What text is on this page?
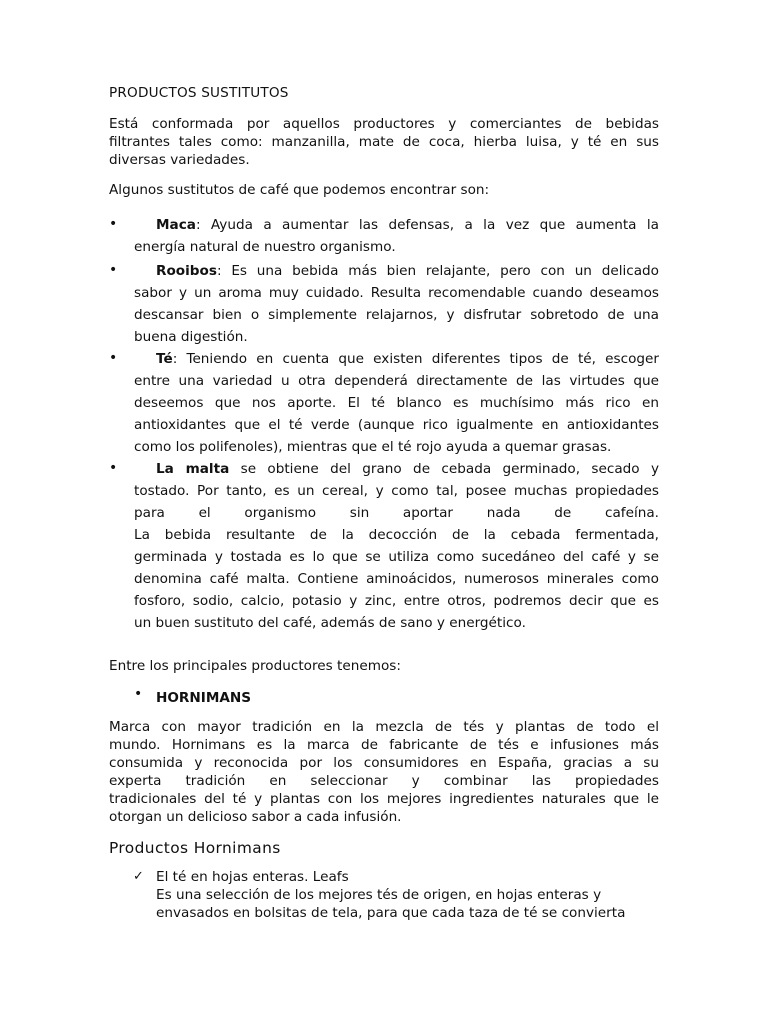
PRODUCTOS SUSTITUTOS

Está conformada por aquellos productores y comerciantes de bebidas
filtrantes tales como: manzanilla, mate de coca, hierba luisa, y té en sus
diversas variedades.

Algunos sustitutos de café que podemos encontrar son:

•	Maca: Ayuda a aumentar las defensas, a la vez que aumenta la
energía natural de nuestro organismo.
•	Rooibos: Es una bebida más bien relajante, pero con un delicado
sabor y un aroma muy cuidado. Resulta recomendable cuando deseamos
descansar bien o simplemente relajarnos, y disfrutar sobretodo de una
buena digestión.
•	Té: Teniendo en cuenta que existen diferentes tipos de té, escoger
entre una variedad u otra dependerá directamente de las virtudes que
deseemos que nos aporte. El té blanco es muchísimo más rico en
antioxidantes que el té verde (aunque rico igualmente en antioxidantes
como los polifenoles), mientras que el té rojo ayuda a quemar grasas.
•	La malta se obtiene del grano de cebada germinado, secado y
tostado. Por tanto, es un cereal, y como tal, posee muchas propiedades
para el organismo sin aportar nada de cafeína.
La bebida resultante de la decocción de la cebada fermentada,
germinada y tostada es lo que se utiliza como sucedáneo del café y se
denomina café malta. Contiene aminoácidos, numerosos minerales como
fosforo, sodio, calcio, potasio y zinc, entre otros, podremos decir que es
un buen sustituto del café, además de sano y energético.

Entre los principales productores tenemos:

• HORNIMANS
Marca con mayor tradición en la mezcla de tés y plantas de todo el
mundo. Hornimans es la marca de fabricante de tés e infusiones más
consumida y reconocida por los consumidores en España, gracias a su
experta tradición en seleccionar y combinar las propiedades
tradicionales del té y plantas con los mejores ingredientes naturales que le
otorgan un delicioso sabor a cada infusión.
Productos Hornimans
✓ El té en hojas enteras. Leafs
Es una selección de los mejores tés de origen, en hojas enteras y
envasados en bolsitas de tela, para que cada taza de té se convierta
